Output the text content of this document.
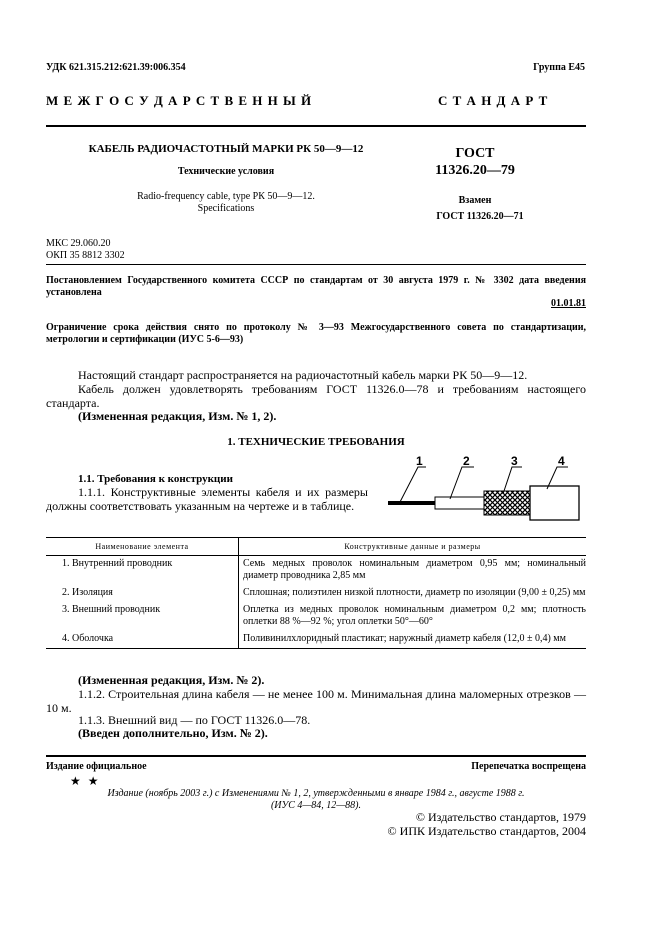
УДК 621.315.212:621.39:006.354	Группа Е45
М Е Ж Г О С У Д А Р С Т В Е Н Н Ы Й	С Т А Н Д А Р Т
КАБЕЛЬ РАДИОЧАСТОТНЫЙ МАРКИ РК 50—9—12
Технические условия
Radio-frequency cable, type РК 50—9—12.
Specifications
ГОСТ
11326.20—79
Взамен
ГОСТ 11326.20—71
МКС 29.060.20
ОКП 35 8812 3302
Постановлением Государственного комитета СССР по стандартам от 30 августа 1979 г. № 3302 дата введения установлена
01.01.81
Ограничение срока действия снято по протоколу № 3—93 Межгосударственного совета по стандартизации, метрологии и сертификации (ИУС 5-6—93)
Настоящий стандарт распространяется на радиочастотный кабель марки РК 50—9—12.
Кабель должен удовлетворять требованиям ГОСТ 11326.0—78 и требованиям настоящего стандарта.
(Измененная редакция, Изм. № 1, 2).
1. ТЕХНИЧЕСКИЕ ТРЕБОВАНИЯ
1.1. Требования к конструкции
1.1.1. Конструктивные элементы кабеля и их размеры должны соответствовать указанным на чертеже и в таблице.
1	2	3	4
Наименование элемента	Конструктивные данные и размеры
1. Внутренний проводник	Семь медных проволок номинальным диаметром 0,95 мм; номинальный диаметр проводника 2,85 мм
2. Изоляция	Сплошная; полиэтилен низкой плотности, диаметр по изоляции (9,00 ± 0,25) мм
3. Внешний проводник	Оплетка из медных проволок номинальным диаметром 0,2 мм; плотность оплетки 88 %—92 %; угол оплетки 50°—60°
4. Оболочка	Поливинилхлоридный пластикат; наружный диаметр кабеля (12,0 ± 0,4) мм
(Измененная редакция, Изм. № 2).
1.1.2. Строительная длина кабеля — не менее 100 м. Минимальная длина маломерных отрезков — 10 м.
1.1.3. Внешний вид — по ГОСТ 11326.0—78.
(Введен дополнительно, Изм. № 2).
Издание официальное	Перепечатка воспрещена
★ ★
Издание (ноябрь 2003 г.) с Изменениями № 1, 2, утвержденными в январе 1984 г., августе 1988 г.
(ИУС 4—84, 12—88).
© Издательство стандартов, 1979
© ИПК Издательство стандартов, 2004
